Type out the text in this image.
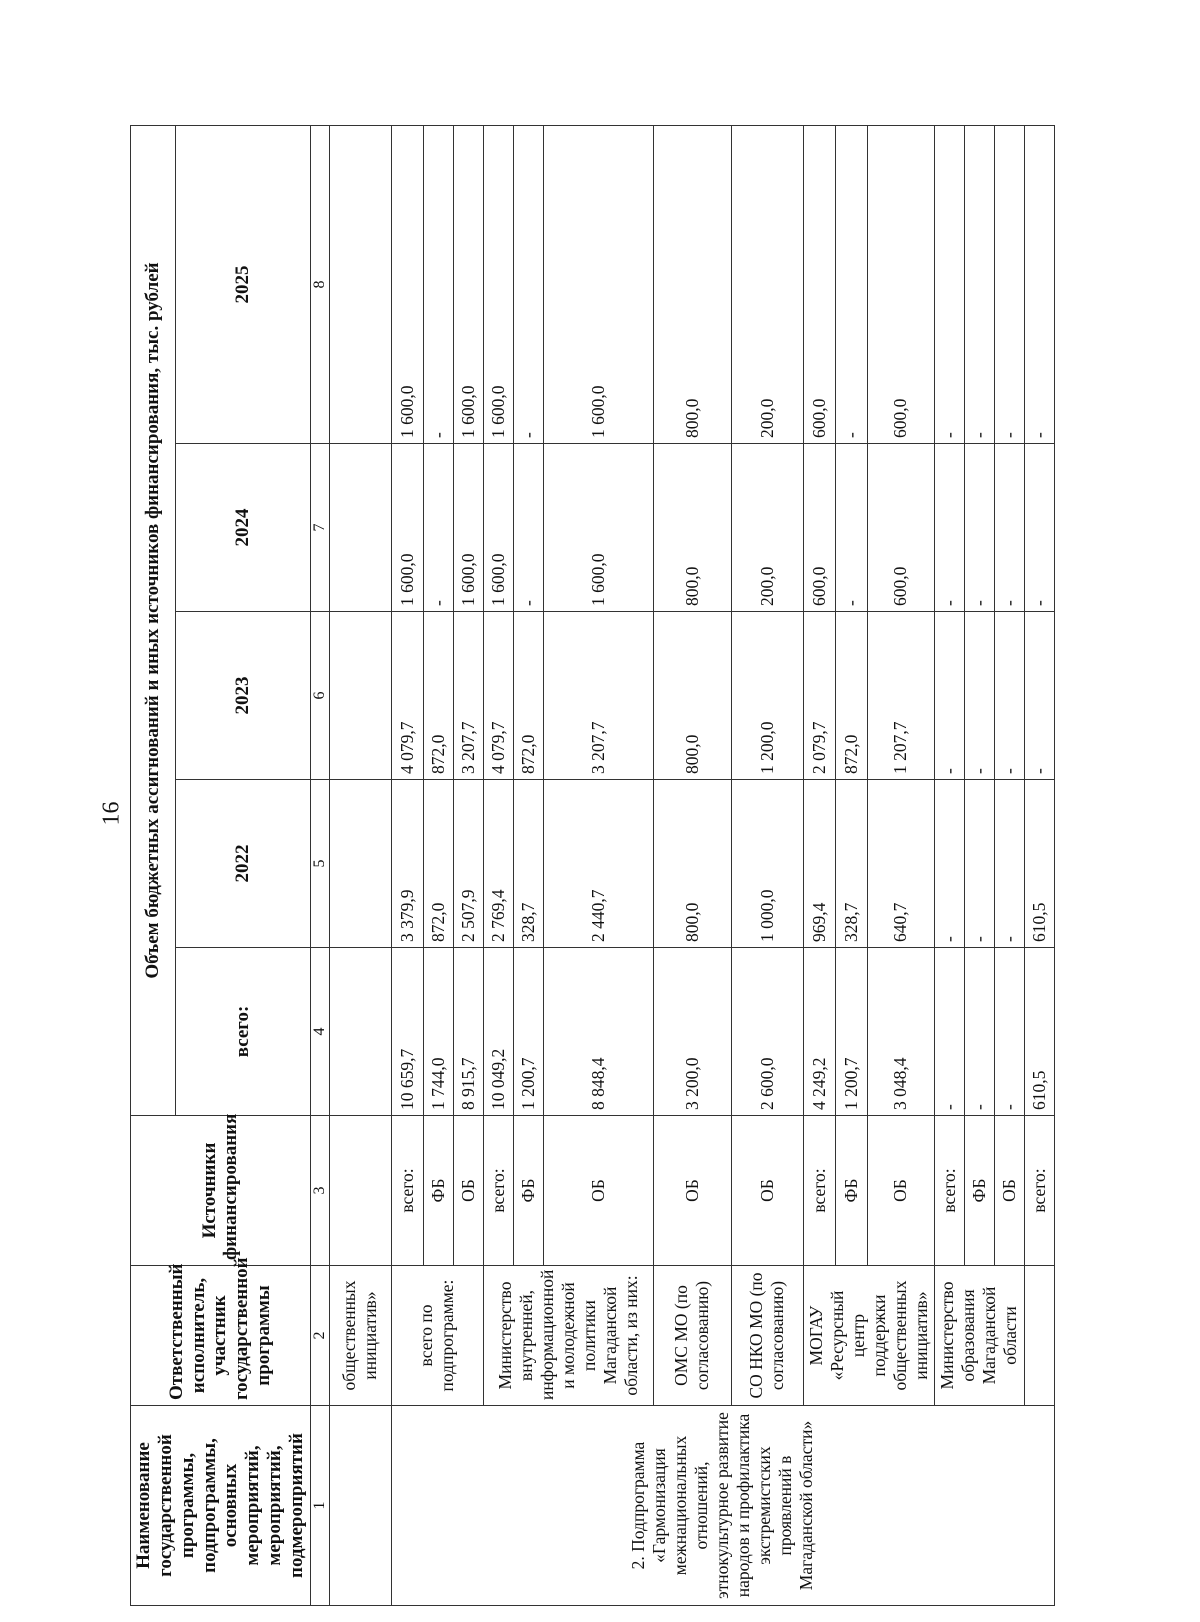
16
Наименование государственной программы, подпрограммы, основных мероприятий, мероприятий, подмероприятий	Ответственный исполнитель, участник государственной программы	Источники финансирования	Объем бюджетных ассигнований и иных источников финансирования, тыс. рублей				
			всего:	2022	2023	2024	2025
1	2	3	4	5	6	7	8
	общественных инициатив»						
2. Подпрограмма «Гармонизация межнациональных отношений, этнокультурное развитие народов и профилактика экстремистских проявлений в Магаданской области»	всего по подпрограмме:	всего:	10 659,7	3 379,9	4 079,7	1 600,0	1 600,0
		ФБ	1 744,0	872,0	872,0	-	-
		ОБ	8 915,7	2 507,9	3 207,7	1 600,0	1 600,0
	Министерство внутренней, информационной и молодежной политики Магаданской области, из них:	всего:	10 049,2	2 769,4	4 079,7	1 600,0	1 600,0
		ФБ	1 200,7	328,7	872,0	-	-
		ОБ	8 848,4	2 440,7	3 207,7	1 600,0	1 600,0
	ОМС МО (по согласованию)	ОБ	3 200,0	800,0	800,0	800,0	800,0
	СО НКО МО (по согласованию)	ОБ	2 600,0	1 000,0	1 200,0	200,0	200,0
	МОГАУ «Ресурсный центр поддержки общественных инициатив»	всего:	4 249,2	969,4	2 079,7	600,0	600,0
		ФБ	1 200,7	328,7	872,0	-	-
		ОБ	3 048,4	640,7	1 207,7	600,0	600,0
	Министерство образования Магаданской области	всего:	-	-	-	-	-
		ФБ	-	-	-	-	-
		ОБ	-	-	-	-	-
		всего:	610,5	610,5	-	-	-
